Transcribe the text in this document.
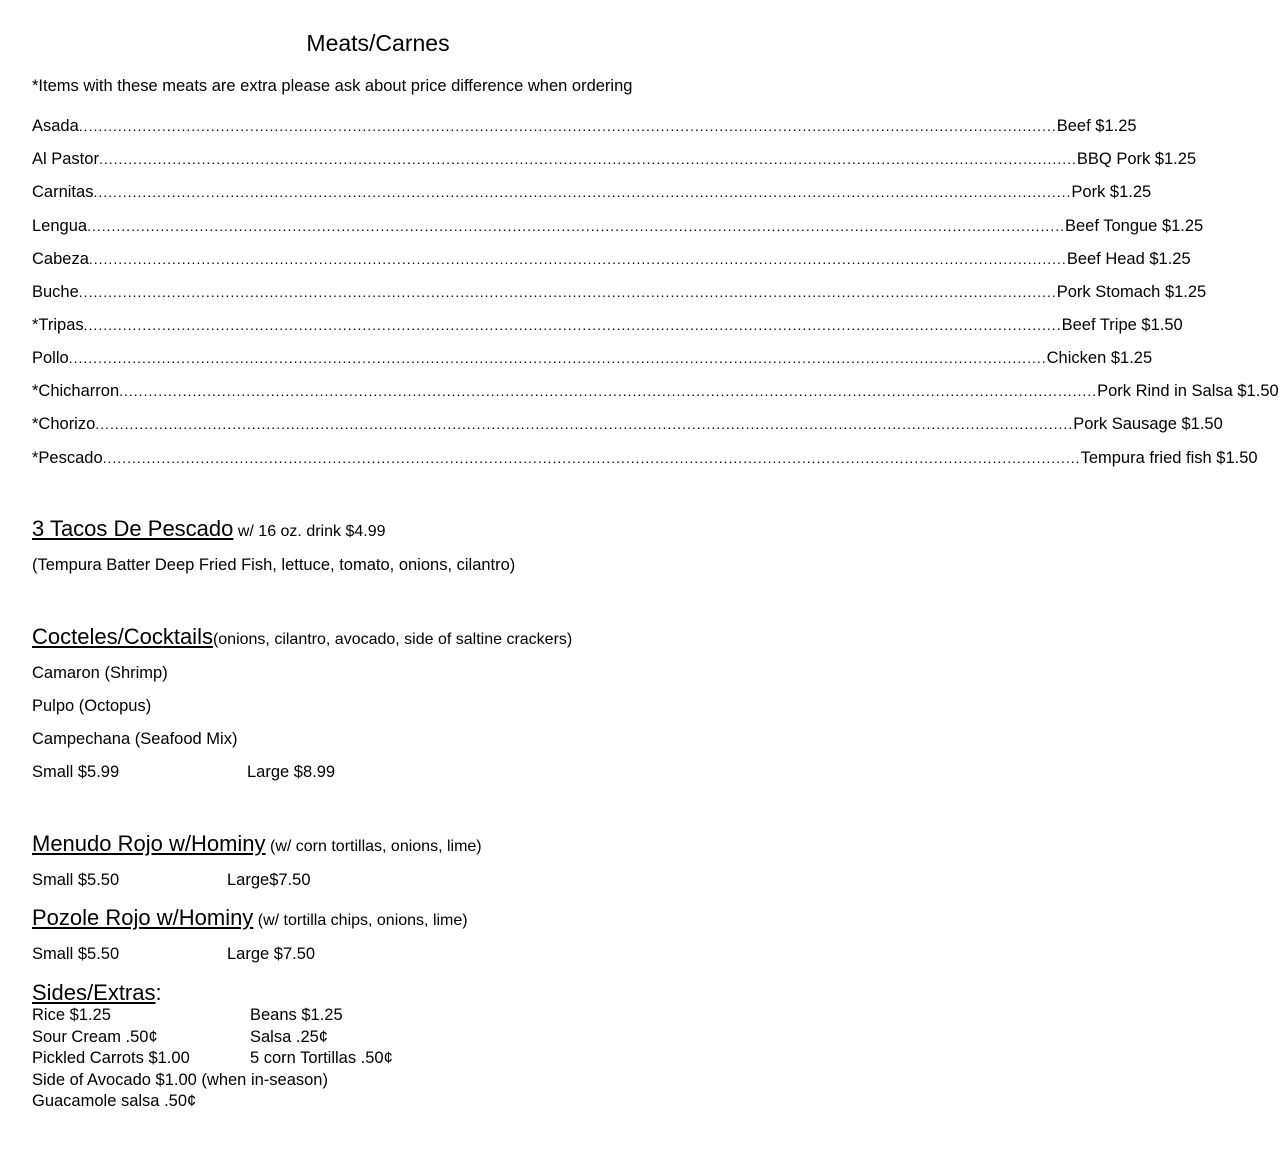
Meats/Carnes
*Items with these meats are extra please ask about price difference when ordering
Asada ........................................................................................................................................................................................................ Beef $1.25
Al Pastor ........................................................................................................................................................................................................ BBQ Pork $1.25
Carnitas ........................................................................................................................................................................................................ Pork $1.25
Lengua ........................................................................................................................................................................................................ Beef Tongue $1.25
Cabeza ........................................................................................................................................................................................................ Beef Head $1.25
Buche ........................................................................................................................................................................................................ Pork Stomach $1.25
*Tripas ........................................................................................................................................................................................................ Beef Tripe $1.50
Pollo ........................................................................................................................................................................................................ Chicken $1.25
*Chicharron ........................................................................................................................................................................................................ Pork Rind in Salsa $1.50
*Chorizo ........................................................................................................................................................................................................ Pork Sausage $1.50
*Pescado ........................................................................................................................................................................................................ Tempura fried fish $1.50
3 Tacos De Pescado w/ 16 oz. drink $4.99
(Tempura Batter Deep Fried Fish, lettuce, tomato, onions, cilantro)
Cocteles/Cocktails(onions, cilantro, avocado, side of saltine crackers)
Camaron (Shrimp)
Pulpo (Octopus)
Campechana (Seafood Mix)
Small $5.99	Large $8.99
Menudo Rojo w/Hominy (w/ corn tortillas, onions, lime)
Small $5.50	Large$7.50
Pozole Rojo w/Hominy (w/ tortilla chips, onions, lime)
Small $5.50	Large $7.50
Sides/Extras:
Rice $1.25	Beans $1.25
Sour Cream .50¢	Salsa .25¢
Pickled Carrots $1.00	5 corn Tortillas .50¢
Side of Avocado $1.00 (when in-season)
Guacamole salsa .50¢
